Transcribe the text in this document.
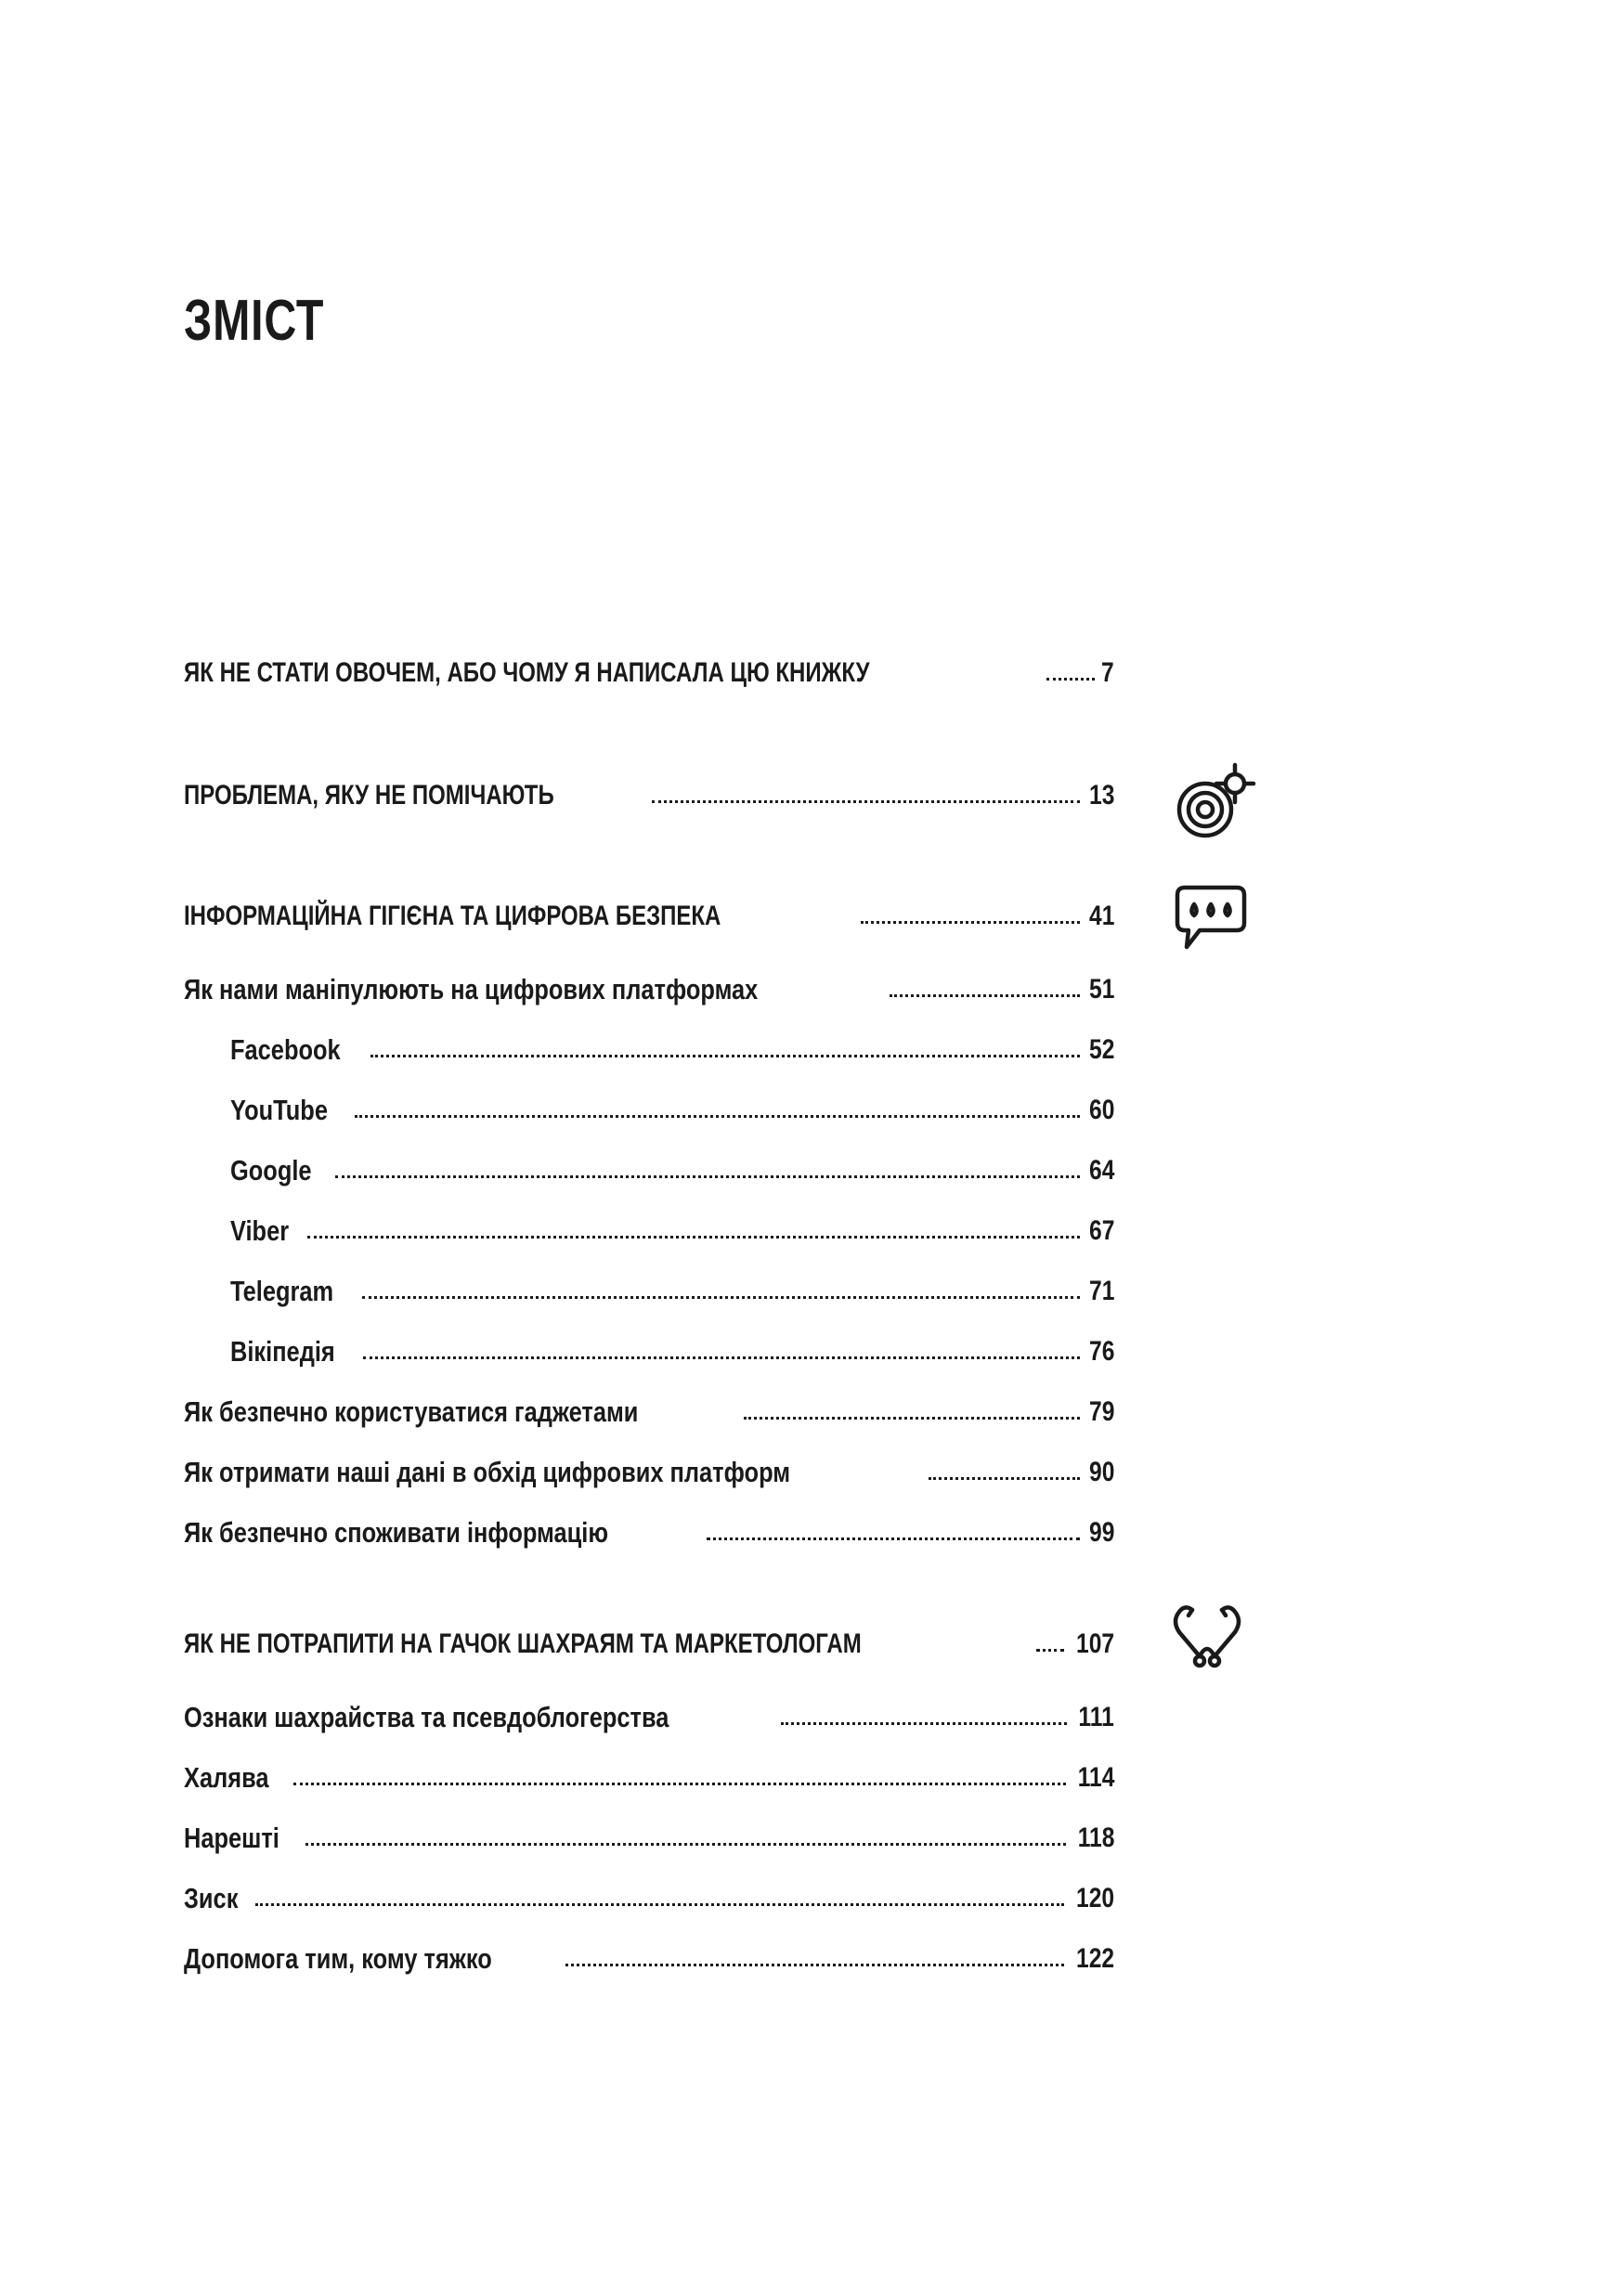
ЗМІСТ
ЯК НЕ СТАТИ ОВОЧЕМ, АБО ЧОМУ Я НАПИСАЛА ЦЮ КНИЖКУ	7
ПРОБЛЕМА, ЯКУ НЕ ПОМІЧАЮТЬ	13
ІНФОРМАЦІЙНА ГІГІЄНА ТА ЦИФРОВА БЕЗПЕКА	41
Як нами маніпулюють на цифрових платформах	51
Facebook	52
YouTube	60
Google	64
Viber	67
Telegram	71
Вікіпедія	76
Як безпечно користуватися гаджетами	79
Як отримати наші дані в обхід цифрових платформ	90
Як безпечно споживати інформацію	99
ЯК НЕ ПОТРАПИТИ НА ГАЧОК ШАХРАЯМ ТА МАРКЕТОЛОГАМ	107
Ознаки шахрайства та псевдоблогерства	111
Халява	114
Нарешті	118
Зиск	120
Допомога тим, кому тяжко	122
